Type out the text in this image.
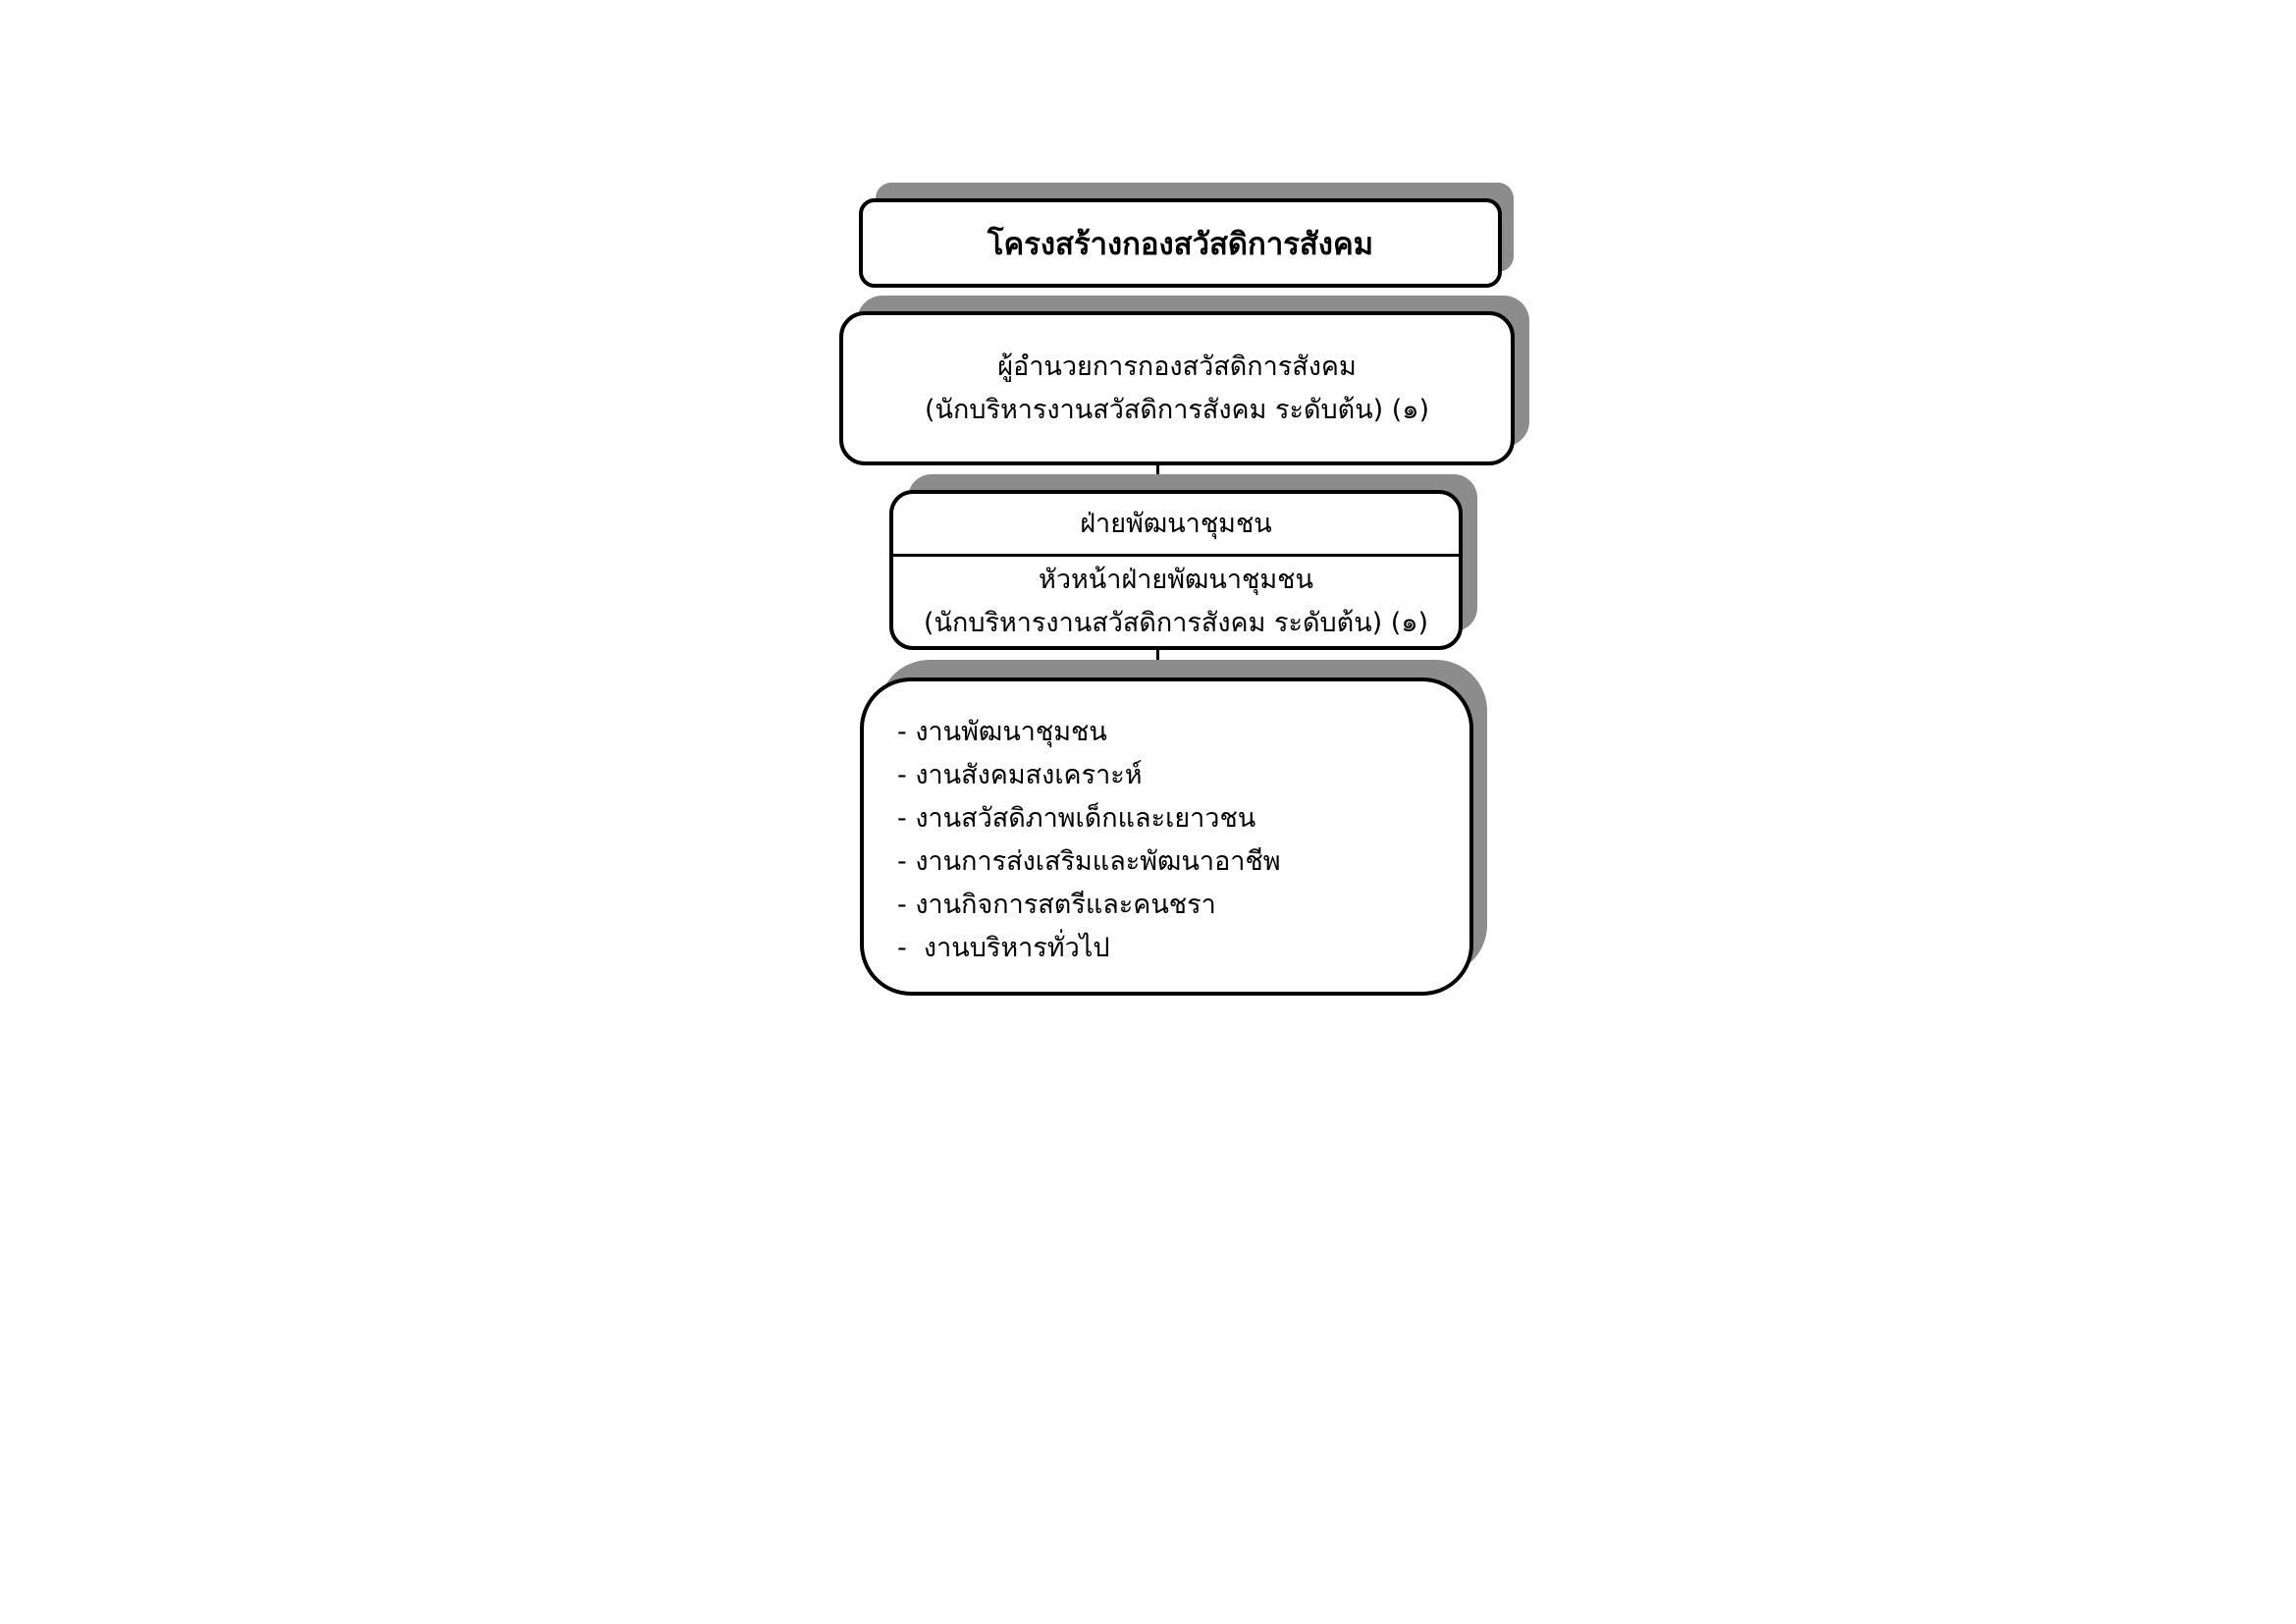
โครงสร้างกองสวัสดิการสังคม
ผู้อำนวยการกองสวัสดิการสังคม
(นักบริหารงานสวัสดิการสังคม ระดับต้น) (๑)
ฝ่ายพัฒนาชุมชน
หัวหน้าฝ่ายพัฒนาชุมชน
(นักบริหารงานสวัสดิการสังคม ระดับต้น) (๑)
- งานพัฒนาชุมชน
- งานสังคมสงเคราะห์
- งานสวัสดิภาพเด็กและเยาวชน
- งานการส่งเสริมและพัฒนาอาชีพ
- งานกิจการสตรีและคนชรา
-  งานบริหารทั่วไป
